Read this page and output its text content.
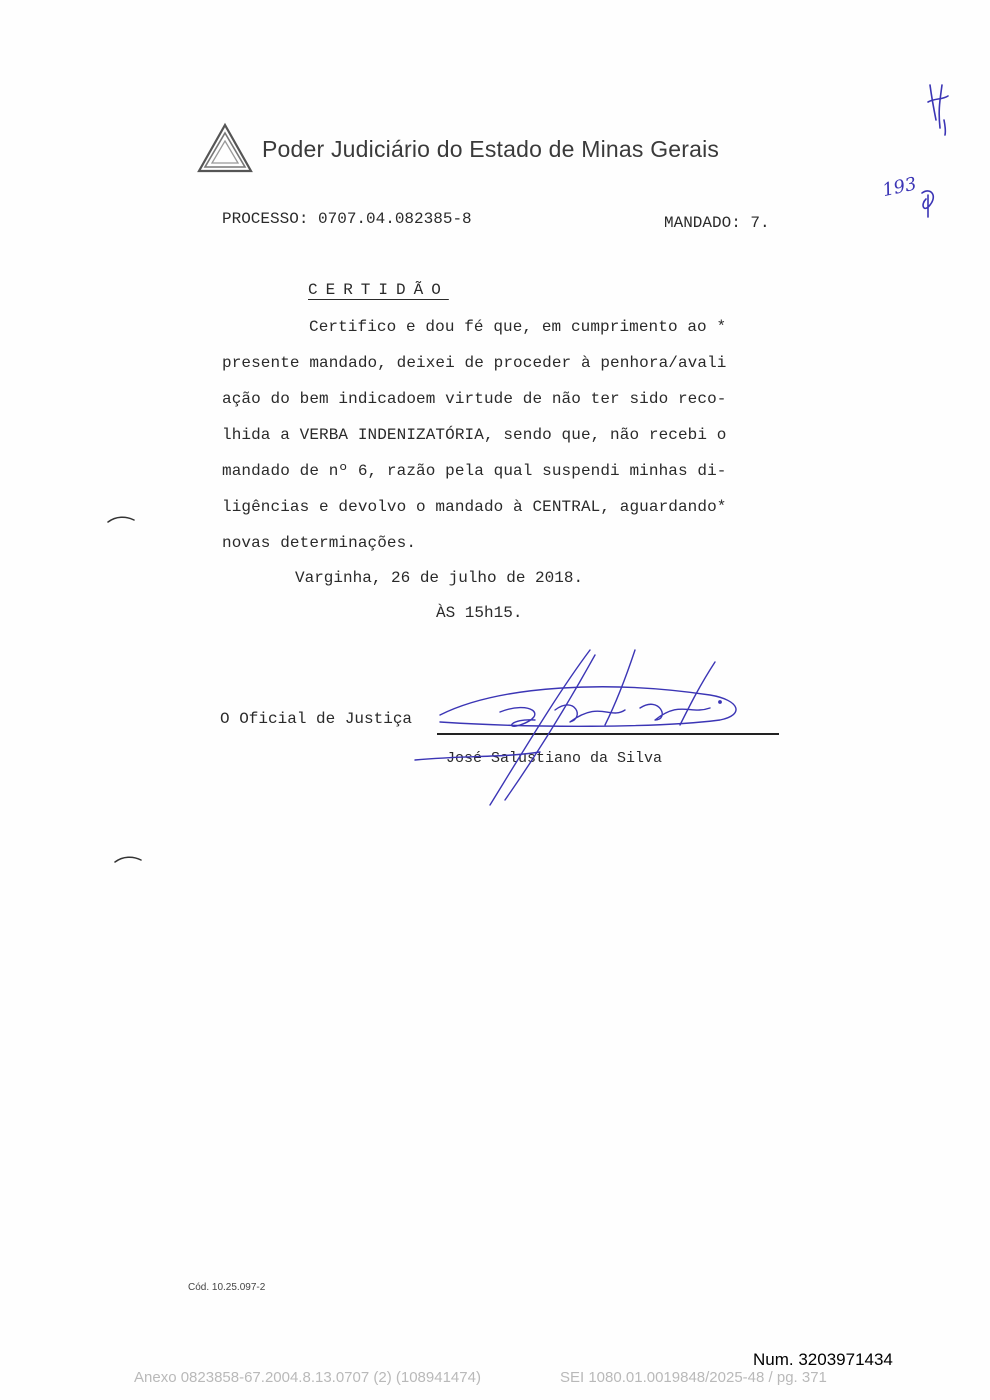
Poder Judiciário do Estado de Minas Gerais
PROCESSO: 0707.04.082385-8	MANDADO: 7.
CERTIDÃO
Certifico e dou fé que, em cumprimento ao *
presente mandado, deixei de proceder à penhora/avali
ação do bem indicadoem virtude de não ter sido reco-
lhida a VERBA INDENIZATÓRIA, sendo que, não recebi o
mandado de nº 6, razão pela qual suspendi minhas di-
ligências e devolvo o mandado à CENTRAL, aguardando*
novas determinações.
Varginha, 26 de julho de 2018.
ÀS 15h15.
O Oficial de Justiça
José Salustiano da Silva
193
Cód. 10.25.097-2
Num. 3203971434
Anexo 0823858-67.2004.8.13.0707 (2) (108941474)	SEI 1080.01.0019848/2025-48 / pg. 371
